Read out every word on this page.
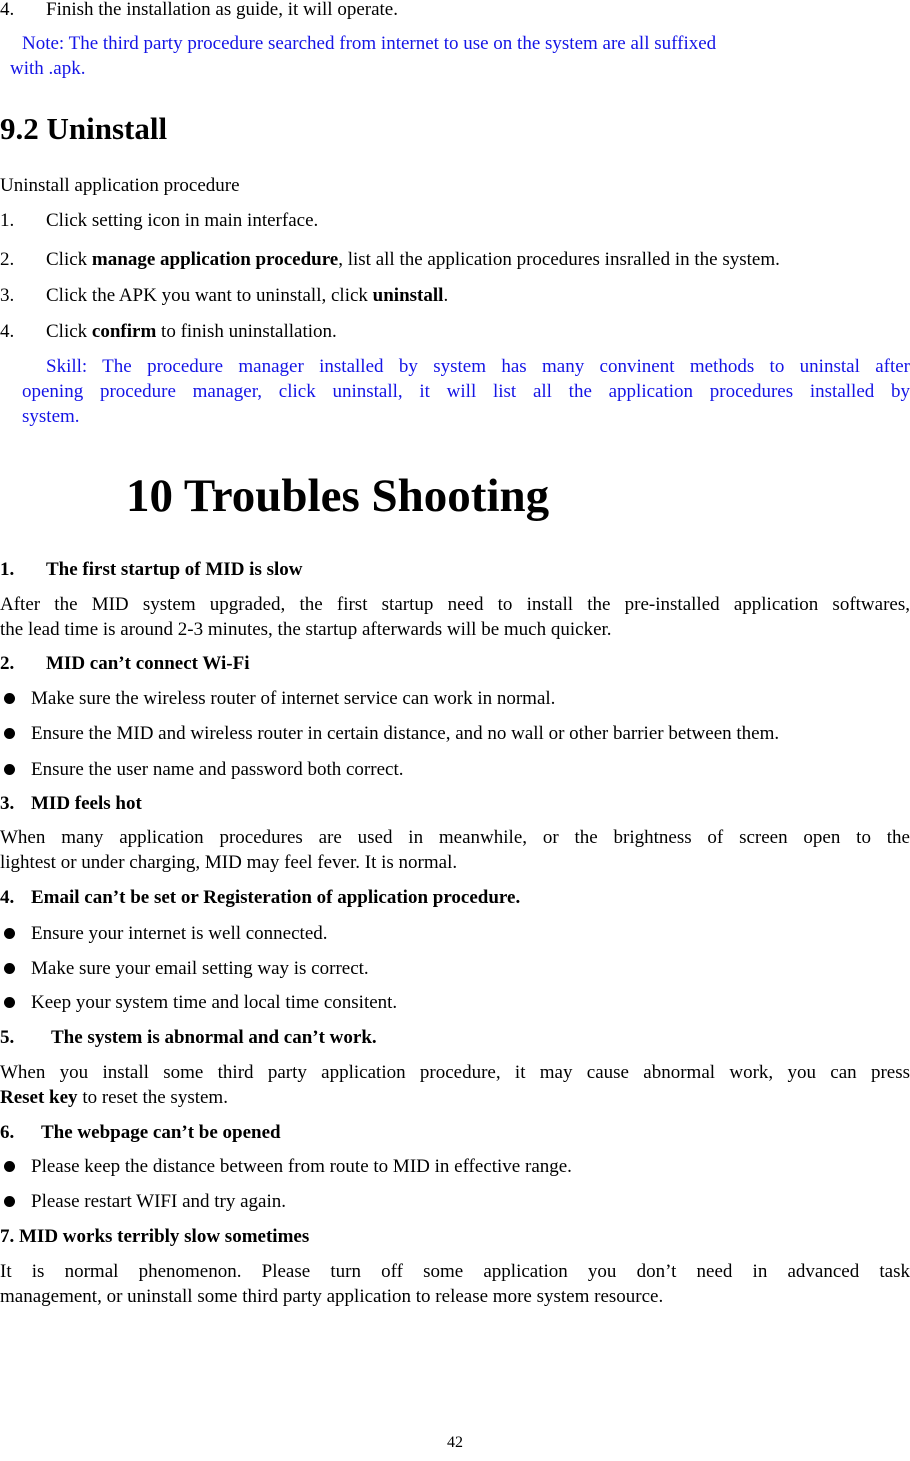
4. Finish the installation as guide, it will operate.
Note: The third party procedure searched from internet to use on the system are all suffixed
with .apk.
9.2 Uninstall
Uninstall application procedure
1. Click setting icon in main interface.
2. Click manage application procedure, list all the application procedures insralled in the system.
3. Click the APK you want to uninstall, click uninstall.
4. Click confirm to finish uninstallation.
Skill: The procedure manager installed by system has many convinent methods to uninstal after
opening procedure manager, click uninstall, it will list all the application procedures installed by
system.
10 Troubles Shooting
1. The first startup of MID is slow
After the MID system upgraded, the first startup need to install the pre-installed application softwares,
the lead time is around 2-3 minutes, the startup afterwards will be much quicker.
2. MID can’t connect Wi-Fi
Make sure the wireless router of internet service can work in normal.
Ensure the MID and wireless router in certain distance, and no wall or other barrier between them.
Ensure the user name and password both correct.
3. MID feels hot
When many application procedures are used in meanwhile, or the brightness of screen open to the
lightest or under charging, MID may feel fever. It is normal.
4. Email can’t be set or Registeration of application procedure.
Ensure your internet is well connected.
Make sure your email setting way is correct.
Keep your system time and local time consitent.
5. The system is abnormal and can’t work.
When you install some third party application procedure, it may cause abnormal work, you can press
Reset key to reset the system.
6. The webpage can’t be opened
Please keep the distance between from route to MID in effective range.
Please restart WIFI and try again.
7. MID works terribly slow sometimes
It is normal phenomenon. Please turn off some application you don’t need in advanced task
management, or uninstall some third party application to release more system resource.
42
